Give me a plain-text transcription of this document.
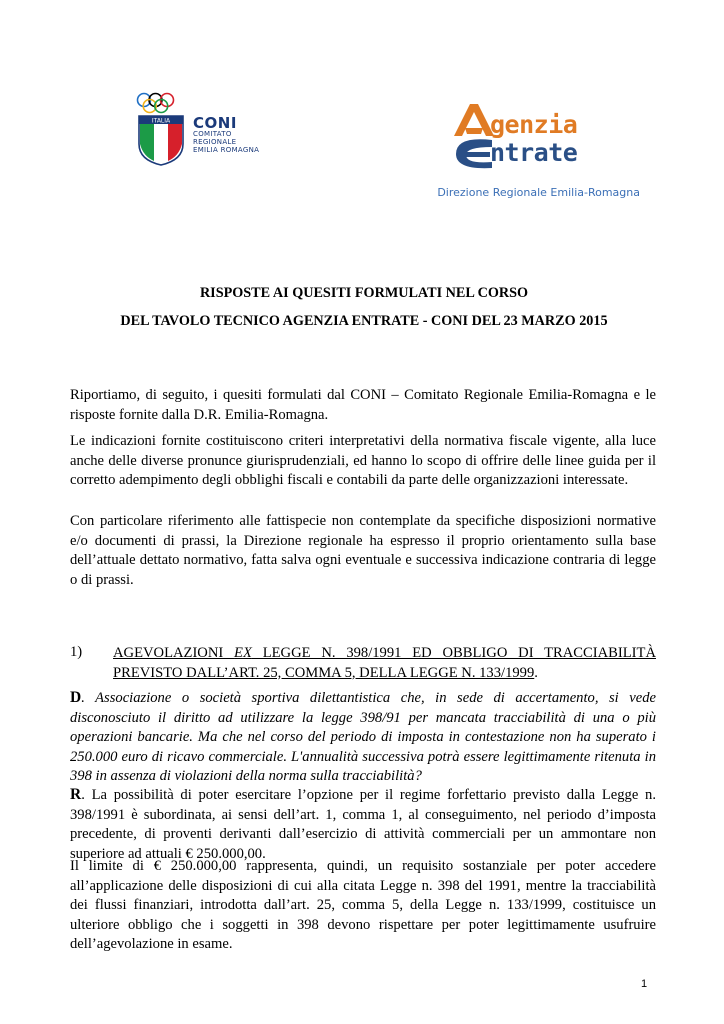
ITALIA CONI
COMITATO
REGIONALE
EMILIA ROMAGNA
genzia
ntrate
Direzione Regionale Emilia-Romagna
RISPOSTE AI QUESITI FORMULATI NEL CORSO
DEL TAVOLO TECNICO AGENZIA ENTRATE - CONI DEL 23 MARZO 2015
Riportiamo, di seguito, i quesiti formulati dal CONI – Comitato Regionale Emilia-Romagna e le risposte fornite dalla D.R. Emilia-Romagna.
Le indicazioni fornite costituiscono criteri interpretativi della normativa fiscale vigente, alla luce anche delle diverse pronunce giurisprudenziali, ed hanno lo scopo di offrire delle linee guida per il corretto adempimento degli obblighi fiscali e contabili da parte delle organizzazioni interessate.
Con particolare riferimento alle fattispecie non contemplate da specifiche disposizioni normative e/o documenti di prassi, la Direzione regionale ha espresso il proprio orientamento sulla base dell’attuale dettato normativo, fatta salva ogni eventuale e successiva indicazione contraria di legge o di prassi.
1) AGEVOLAZIONI EX LEGGE N. 398/1991 ED OBBLIGO DI TRACCIABILITÀ PREVISTO DALL’ART. 25, COMMA 5, DELLA LEGGE N. 133/1999.
D. Associazione o società sportiva dilettantistica che, in sede di accertamento, si vede disconosciuto il diritto ad utilizzare la legge 398/91 per mancata tracciabilità di una o più operazioni bancarie. Ma che nel corso del periodo di imposta in contestazione non ha superato i 250.000 euro di ricavo commerciale. L'annualità successiva potrà essere legittimamente ritenuta in 398 in assenza di violazioni della norma sulla tracciabilità?
R. La possibilità di poter esercitare l’opzione per il regime forfettario previsto dalla Legge n. 398/1991 è subordinata, ai sensi dell’art. 1, comma 1, al conseguimento, nel periodo d’imposta precedente, di proventi derivanti dall’esercizio di attività commerciali per un ammontare non superiore ad attuali € 250.000,00.
Il limite di € 250.000,00 rappresenta, quindi, un requisito sostanziale per poter accedere all’applicazione delle disposizioni di cui alla citata Legge n. 398 del 1991, mentre la tracciabilità dei flussi finanziari, introdotta dall’art. 25, comma 5, della Legge n. 133/1999, costituisce un ulteriore obbligo che i soggetti in 398 devono rispettare per poter legittimamente usufruire dell’agevolazione in esame.
1
